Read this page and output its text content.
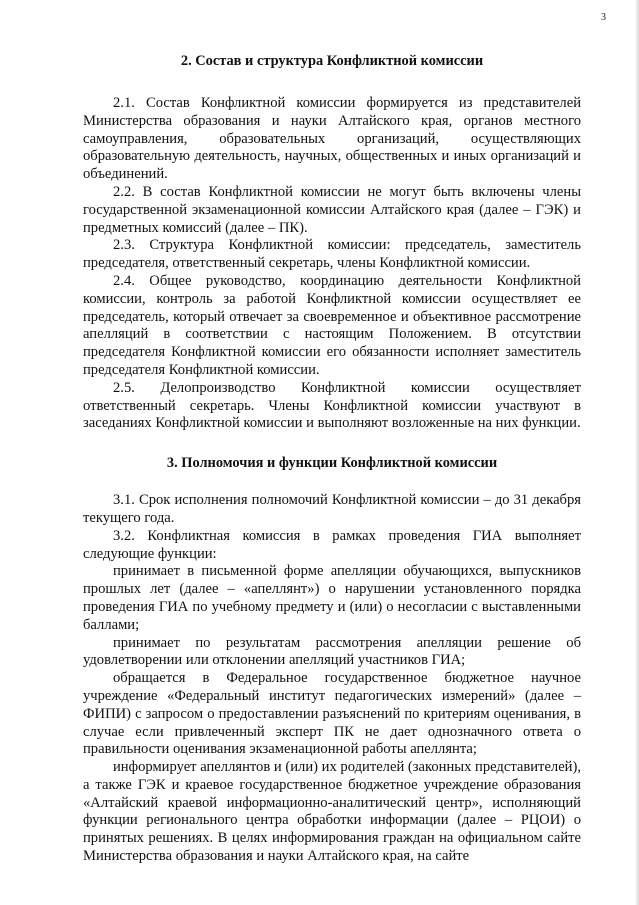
3
2. Состав и структура Конфликтной комиссии

2.1. Состав Конфликтной комиссии формируется из представителей Министерства образования и науки Алтайского края, органов местного самоуправления, образовательных организаций, осуществляющих образовательную деятельность, научных, общественных и иных организаций и объединений.

2.2. В состав Конфликтной комиссии не могут быть включены члены государственной экзаменационной комиссии Алтайского края (далее – ГЭК) и предметных комиссий (далее – ПК).

2.3. Структура Конфликтной комиссии: председатель, заместитель председателя, ответственный секретарь, члены Конфликтной комиссии.

2.4. Общее руководство, координацию деятельности Конфликтной комиссии, контроль за работой Конфликтной комиссии осуществляет ее председатель, который отвечает за своевременное и объективное рассмотрение апелляций в соответствии с настоящим Положением. В отсутствии председателя Конфликтной комиссии его обязанности исполняет заместитель председателя Конфликтной комиссии.

2.5. Делопроизводство Конфликтной комиссии осуществляет ответственный секретарь. Члены Конфликтной комиссии участвуют в заседаниях Конфликтной комиссии и выполняют возложенные на них функции.

3. Полномочия и функции Конфликтной комиссии

3.1. Срок исполнения полномочий Конфликтной комиссии – до 31 декабря текущего года.

3.2. Конфликтная комиссия в рамках проведения ГИА выполняет следующие функции:

принимает в письменной форме апелляции обучающихся, выпускников прошлых лет (далее – «апеллянт») о нарушении установленного порядка проведения ГИА по учебному предмету и (или) о несогласии с выставленными баллами;

принимает по результатам рассмотрения апелляции решение об удовлетворении или отклонении апелляций участников ГИА;

обращается в Федеральное государственное бюджетное научное учреждение «Федеральный институт педагогических измерений» (далее – ФИПИ) с запросом о предоставлении разъяснений по критериям оценивания, в случае если привлеченный эксперт ПК не дает однозначного ответа о правильности оценивания экзаменационной работы апеллянта;

информирует апеллянтов и (или) их родителей (законных представителей), а также ГЭК и краевое государственное бюджетное учреждение образования «Алтайский краевой информационно-аналитический центр», исполняющий функции регионального центра обработки информации (далее – РЦОИ) о принятых решениях. В целях информирования граждан на официальном сайте Министерства образования и науки Алтайского края, на сайте
